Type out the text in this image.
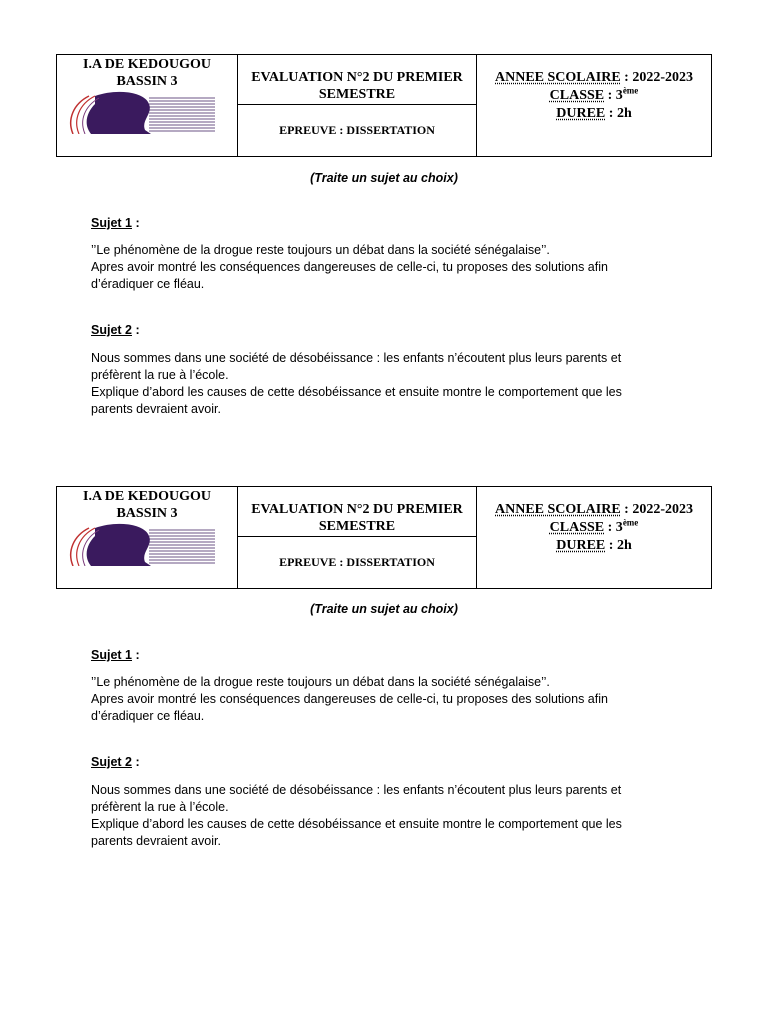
I.A DE KEDOUGOU
BASSIN 3	EVALUATION N°2 DU PREMIER
SEMESTRE
EPREUVE : DISSERTATION
ANNEE SCOLAIRE : 2022-2023
CLASSE : 3ème
DUREE : 2h
(Traite un sujet au choix)
Sujet 1 :
’’Le phénomène de la drogue reste toujours un débat dans la société sénégalaise’’.
Apres avoir montré les conséquences dangereuses de celle-ci, tu proposes des solutions afin
d’éradiquer ce fléau.
Sujet 2 :
Nous sommes dans une société de désobéissance : les enfants n’écoutent plus leurs parents et
préfèrent la rue à l’école.
Explique d’abord les causes de cette désobéissance et ensuite montre le comportement que les
parents devraient avoir.
I.A DE KEDOUGOU
BASSIN 3	EVALUATION N°2 DU PREMIER
SEMESTRE
EPREUVE : DISSERTATION
ANNEE SCOLAIRE : 2022-2023
CLASSE : 3ème
DUREE : 2h
(Traite un sujet au choix)
Sujet 1 :
’’Le phénomène de la drogue reste toujours un débat dans la société sénégalaise’’.
Apres avoir montré les conséquences dangereuses de celle-ci, tu proposes des solutions afin
d’éradiquer ce fléau.
Sujet 2 :
Nous sommes dans une société de désobéissance : les enfants n’écoutent plus leurs parents et
préfèrent la rue à l’école.
Explique d’abord les causes de cette désobéissance et ensuite montre le comportement que les
parents devraient avoir.
